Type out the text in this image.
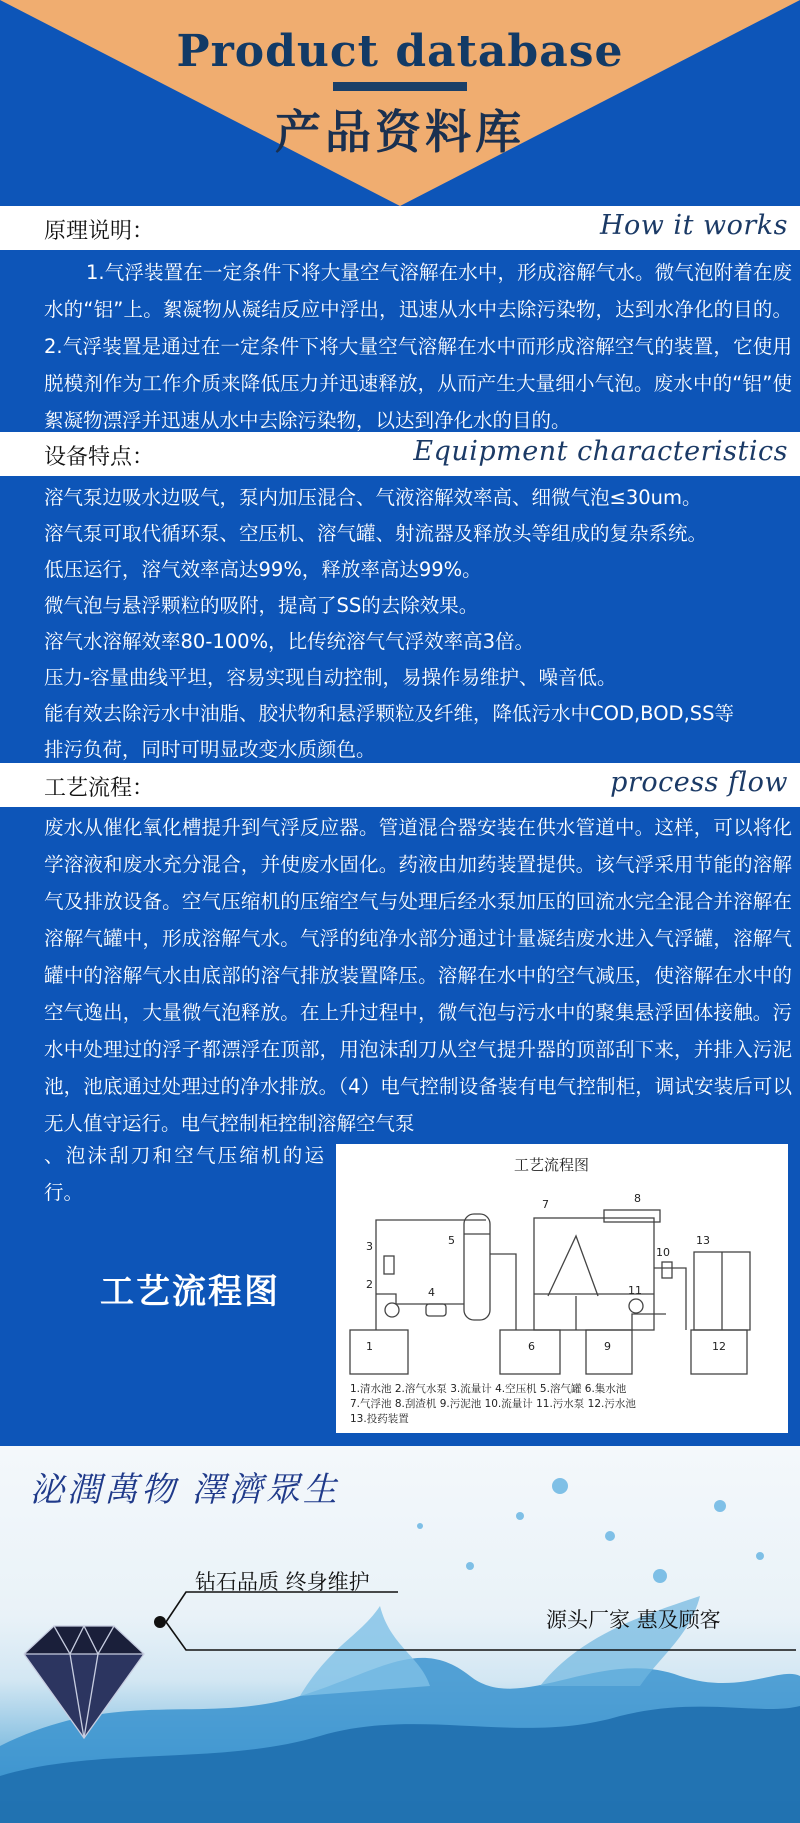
Product database
产品资料库
原理说明：	How it works
1.气浮装置在一定条件下将大量空气溶解在水中，形成溶解气水。微气泡附着在废水的“铝”上。絮凝物从凝结反应中浮出，迅速从水中去除污染物，达到水净化的目的。2.气浮装置是通过在一定条件下将大量空气溶解在水中而形成溶解空气的装置，它使用脱模剂作为工作介质来降低压力并迅速释放，从而产生大量细小气泡。废水中的“铝”使絮凝物漂浮并迅速从水中去除污染物，以达到净化水的目的。
设备特点：	Equipment characteristics
溶气泵边吸水边吸气，泵内加压混合、气液溶解效率高、细微气泡≤30um。
溶气泵可取代循环泵、空压机、溶气罐、射流器及释放头等组成的复杂系统。
低压运行，溶气效率高达99%，释放率高达99%。
微气泡与悬浮颗粒的吸附，提高了SS的去除效果。
溶气水溶解效率80-100%，比传统溶气气浮效率高3倍。
压力-容量曲线平坦，容易实现自动控制，易操作易维护、噪音低。
能有效去除污水中油脂、胶状物和悬浮颗粒及纤维，降低污水中COD,BOD,SS等
排污负荷，同时可明显改变水质颜色。
工艺流程：	process flow
废水从催化氧化槽提升到气浮反应器。管道混合器安装在供水管道中。这样，可以将化学溶液和废水充分混合，并使废水固化。药液由加药装置提供。该气浮采用节能的溶解气及排放设备。空气压缩机的压缩空气与处理后经水泵加压的回流水完全混合并溶解在溶解气罐中，形成溶解气水。气浮的纯净水部分通过计量凝结废水进入气浮罐，溶解气罐中的溶解气水由底部的溶气排放装置降压。溶解在水中的空气减压，使溶解在水中的空气逸出，大量微气泡释放。在上升过程中，微气泡与污水中的聚集悬浮固体接触。污水中处理过的浮子都漂浮在顶部，用泡沫刮刀从空气提升器的顶部刮下来，并排入污泥池，池底通过处理过的净水排放。（4）电气控制设备装有电气控制柜，调试安装后可以无人值守运行。电气控制柜控制溶解空气泵
、泡沫刮刀和空气压缩机的运行。
工艺流程图
工艺流程图
1
2
3
4
5
6
7	8
9
10
11
12
13
1.清水池 2.溶气水泵 3.流量计 4.空压机 5.溶气罐 6.集水池
7.气浮池 8.刮渣机 9.污泥池 10.流量计 11.污水泵 12.污水池
13.投药装置
泌潤萬物 澤濟眾生
钻石品质 终身维护
源头厂家 惠及顾客
